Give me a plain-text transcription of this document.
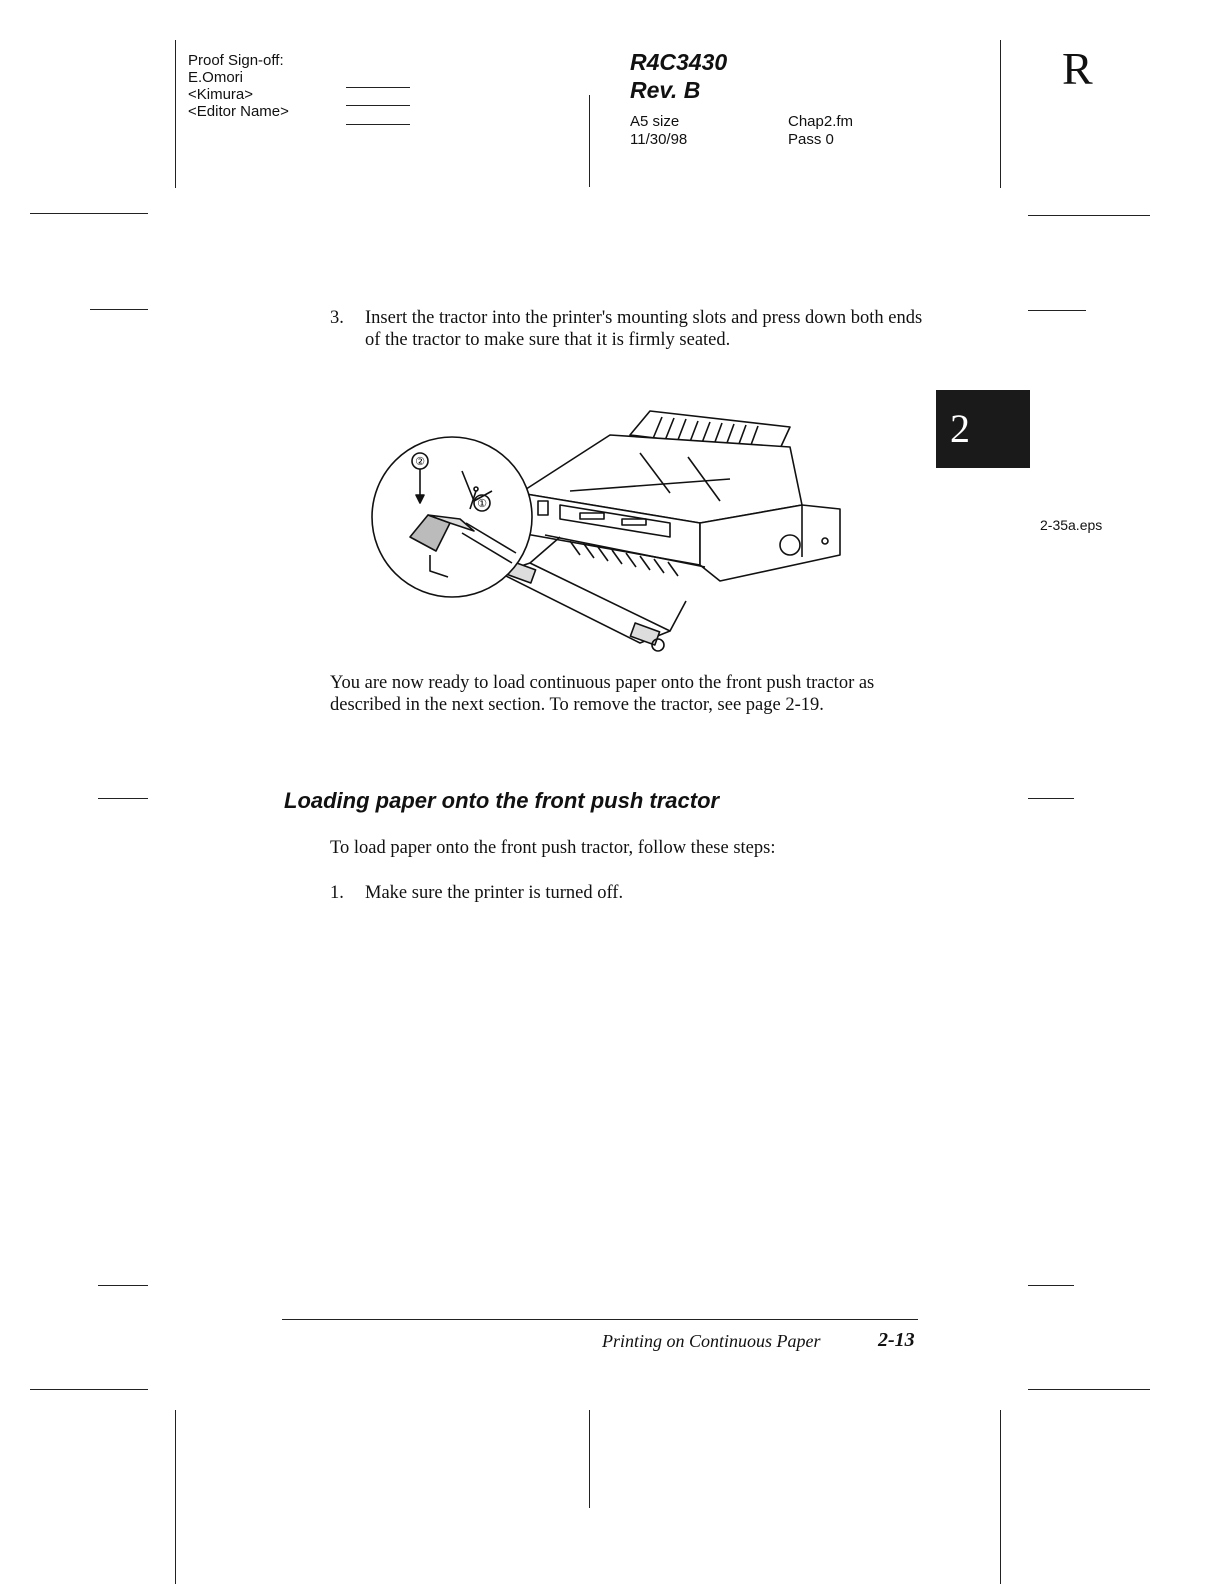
Proof Sign-off:
E.Omori
<Kimura>
<Editor Name>
R4C3430
Rev. B
A5 size
11/30/98
Chap2.fm
Pass 0
R
2
2-35a.eps
3. Insert the tractor into the printer's mounting slots and press down both ends of the tractor to make sure that it is firmly seated.
②
①
You are now ready to load continuous paper onto the front push tractor as described in the next section. To remove the tractor, see page 2-19.
Loading paper onto the front push tractor
To load paper onto the front push tractor, follow these steps:
1. Make sure the printer is turned off.
Printing on Continuous Paper	2-13
